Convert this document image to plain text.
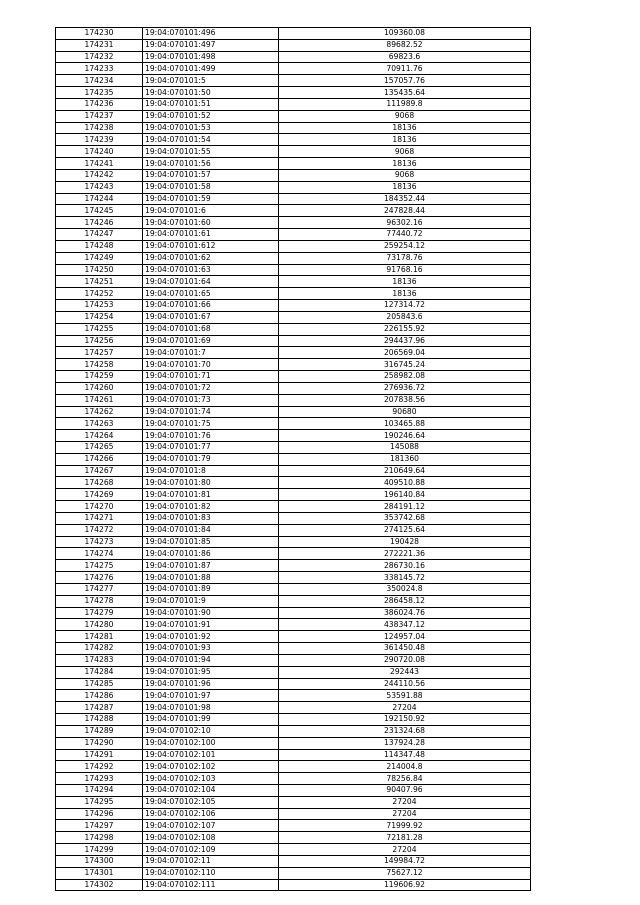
174230	19:04:070101:496	109360.08
174231	19:04:070101:497	89682.52
174232	19:04:070101:498	69823.6
174233	19:04:070101:499	70911.76
174234	19:04:070101:5	157057.76
174235	19:04:070101:50	135435.64
174236	19:04:070101:51	111989.8
174237	19:04:070101:52	9068
174238	19:04:070101:53	18136
174239	19:04:070101:54	18136
174240	19:04:070101:55	9068
174241	19:04:070101:56	18136
174242	19:04:070101:57	9068
174243	19:04:070101:58	18136
174244	19:04:070101:59	184352.44
174245	19:04:070101:6	247828.44
174246	19:04:070101:60	96302.16
174247	19:04:070101:61	77440.72
174248	19:04:070101:612	259254.12
174249	19:04:070101:62	73178.76
174250	19:04:070101:63	91768.16
174251	19:04:070101:64	18136
174252	19:04:070101:65	18136
174253	19:04:070101:66	127314.72
174254	19:04:070101:67	205843.6
174255	19:04:070101:68	226155.92
174256	19:04:070101:69	294437.96
174257	19:04:070101:7	206569.04
174258	19:04:070101:70	316745.24
174259	19:04:070101:71	258982.08
174260	19:04:070101:72	276936.72
174261	19:04:070101:73	207838.56
174262	19:04:070101:74	90680
174263	19:04:070101:75	103465.88
174264	19:04:070101:76	190246.64
174265	19:04:070101:77	145088
174266	19:04:070101:79	181360
174267	19:04:070101:8	210649.64
174268	19:04:070101:80	409510.88
174269	19:04:070101:81	196140.84
174270	19:04:070101:82	284191.12
174271	19:04:070101:83	353742.68
174272	19:04:070101:84	274125.64
174273	19:04:070101:85	190428
174274	19:04:070101:86	272221.36
174275	19:04:070101:87	286730.16
174276	19:04:070101:88	338145.72
174277	19:04:070101:89	350024.8
174278	19:04:070101:9	286458.12
174279	19:04:070101:90	386024.76
174280	19:04:070101:91	438347.12
174281	19:04:070101:92	124957.04
174282	19:04:070101:93	361450.48
174283	19:04:070101:94	290720.08
174284	19:04:070101:95	292443
174285	19:04:070101:96	244110.56
174286	19:04:070101:97	53591.88
174287	19:04:070101:98	27204
174288	19:04:070101:99	192150.92
174289	19:04:070102:10	231324.68
174290	19:04:070102:100	137924.28
174291	19:04:070102:101	114347.48
174292	19:04:070102:102	214004.8
174293	19:04:070102:103	78256.84
174294	19:04:070102:104	90407.96
174295	19:04:070102:105	27204
174296	19:04:070102:106	27204
174297	19:04:070102:107	71999.92
174298	19:04:070102:108	72181.28
174299	19:04:070102:109	27204
174300	19:04:070102:11	149984.72
174301	19:04:070102:110	75627.12
174302	19:04:070102:111	119606.92
